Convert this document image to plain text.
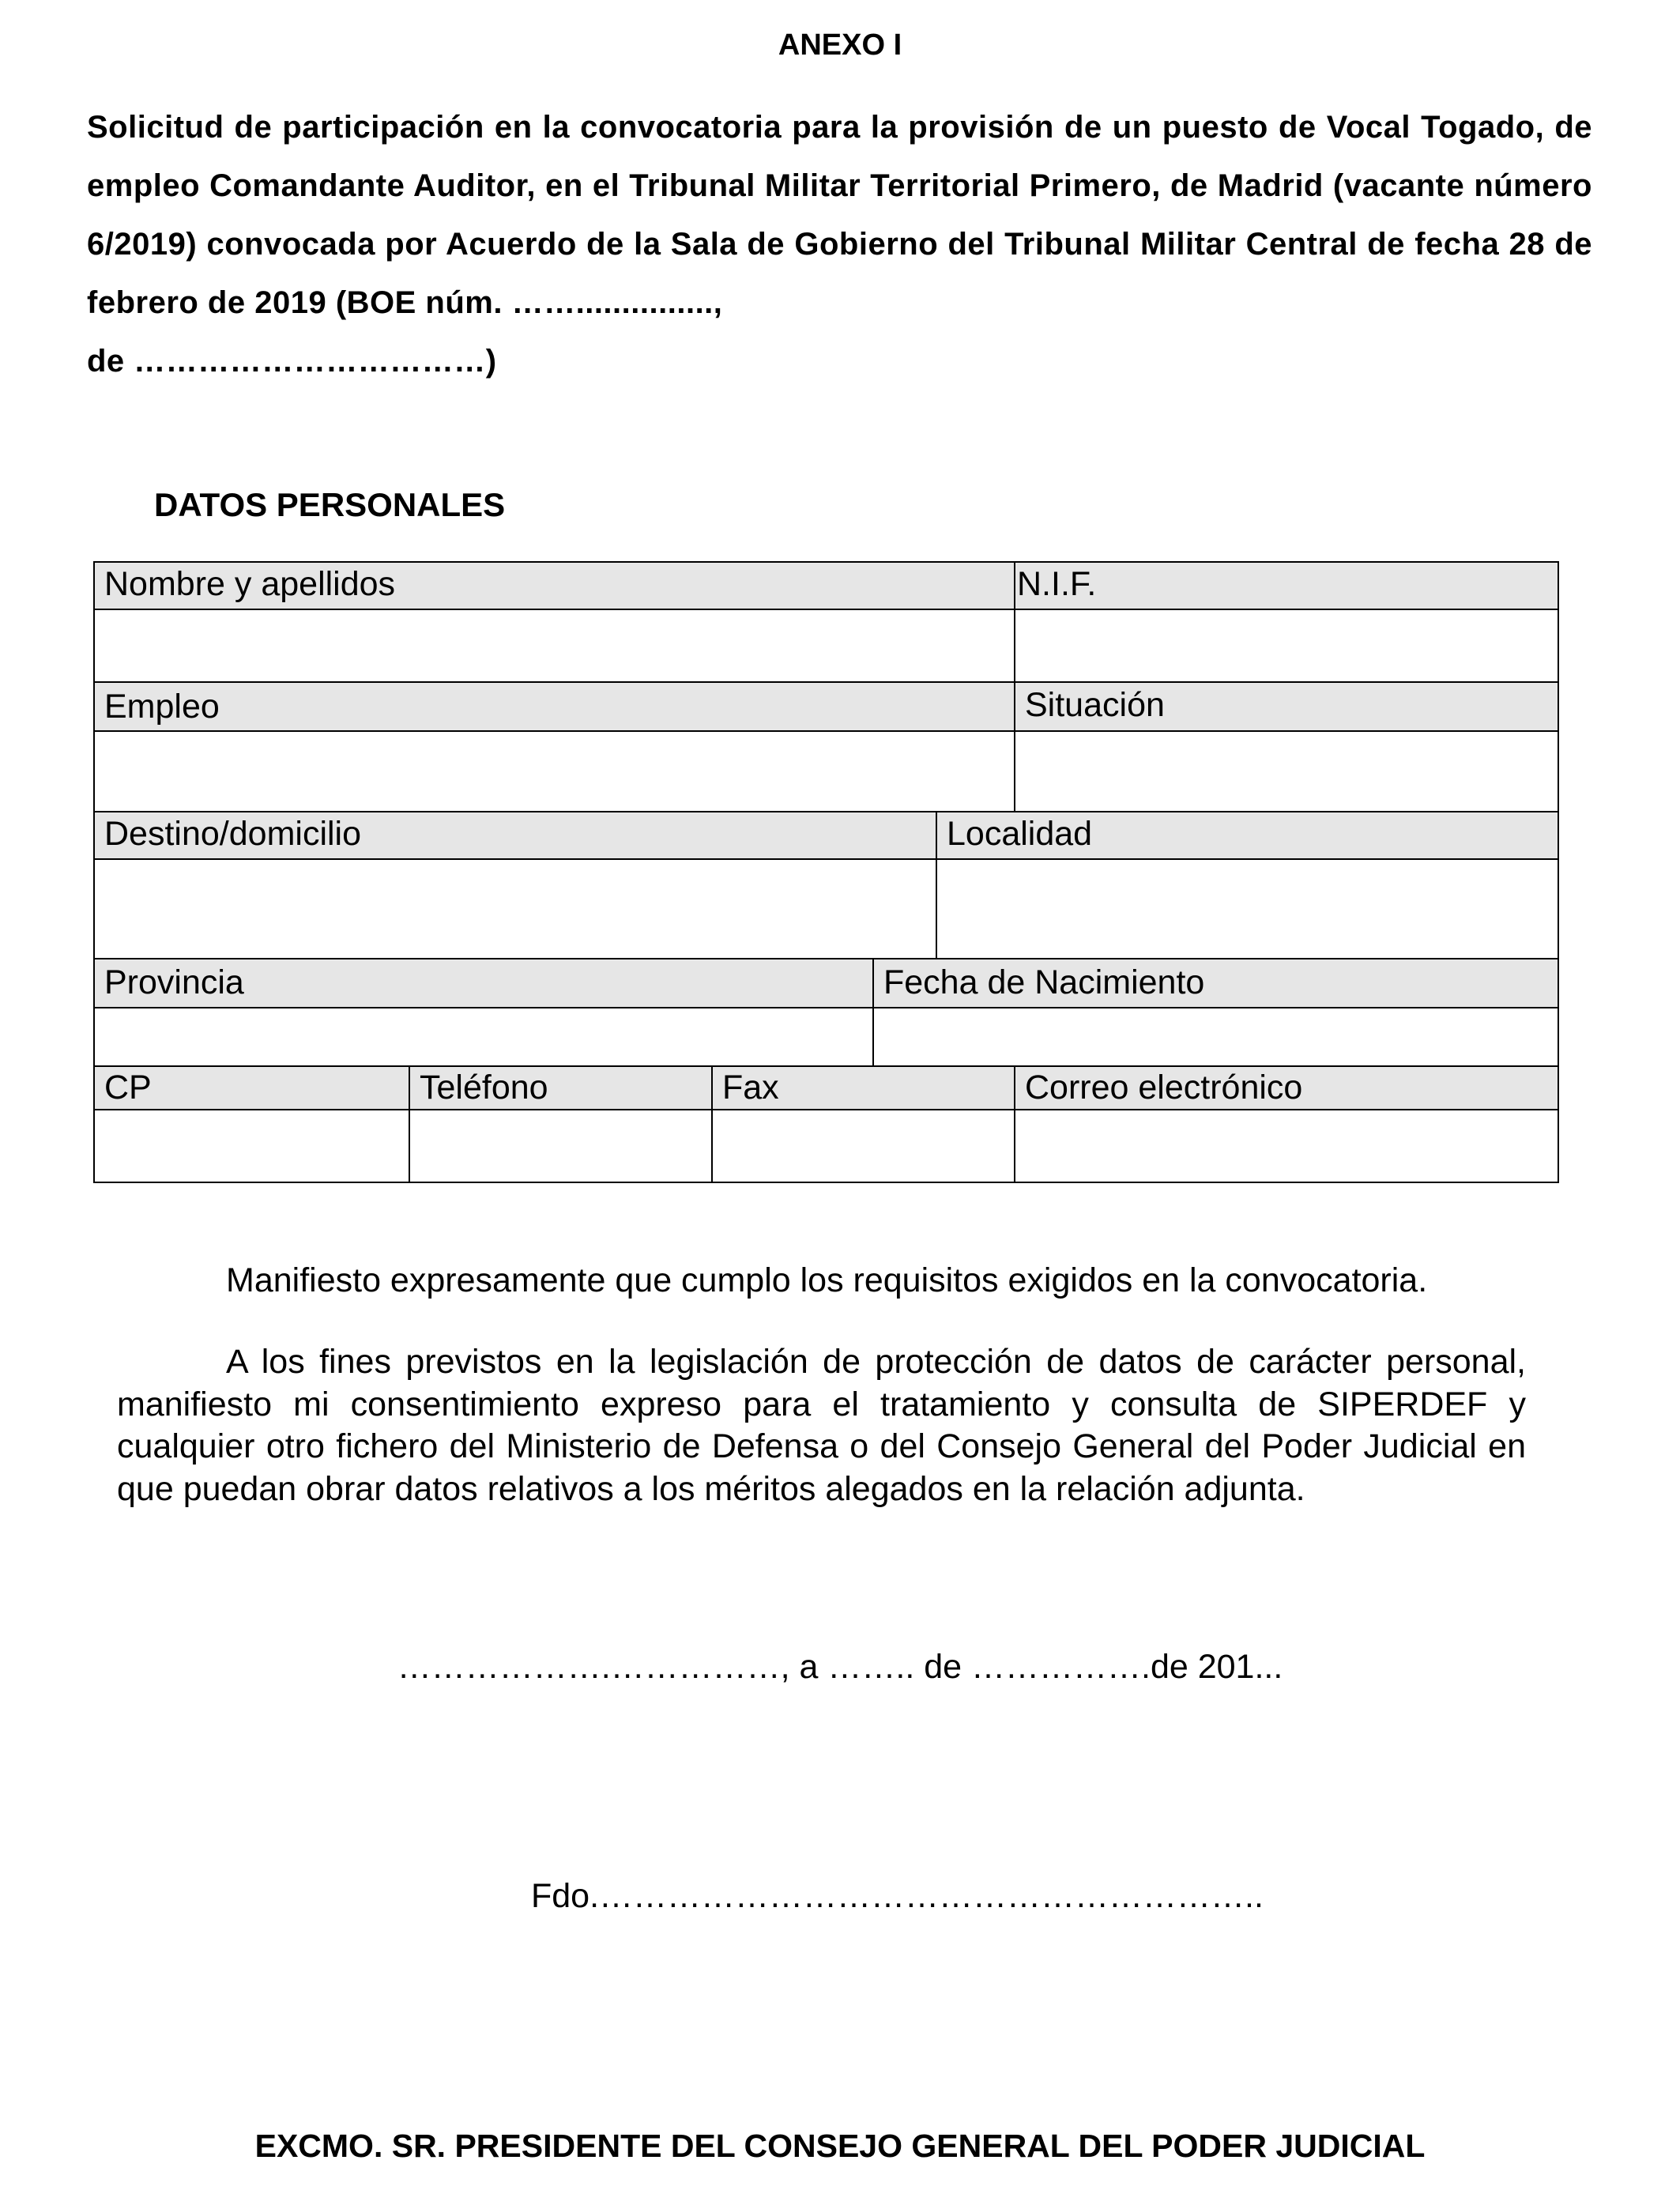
ANEXO I
Solicitud de participación en la convocatoria para la provisión de un puesto de Vocal Togado, de empleo Comandante Auditor, en el Tribunal Militar Territorial Primero, de Madrid (vacante número 6/2019) convocada por Acuerdo de la Sala de Gobierno del Tribunal Militar Central de fecha 28 de febrero de 2019 (BOE núm. ……...............,
de ……………………………)
DATOS PERSONALES
Nombre y apellidos	N.I.F.
Empleo	Situación
Destino/domicilio	Localidad
Provincia	Fecha de Nacimiento
CP	Teléfono	Fax	Correo electrónico
Manifiesto expresamente que cumplo los requisitos exigidos en la convocatoria.
A los fines previstos en la legislación de protección de datos de carácter personal, manifiesto mi consentimiento expreso para el tratamiento y consulta de SIPERDEF y cualquier otro fichero del Ministerio de Defensa o del Consejo General del Poder Judicial en que puedan obrar datos relativos a los méritos alegados en la relación adjunta.
……………….……………, a …….. de …………….de 201...
Fdo.…………………………………………………..
EXCMO. SR. PRESIDENTE DEL CONSEJO GENERAL DEL PODER JUDICIAL
